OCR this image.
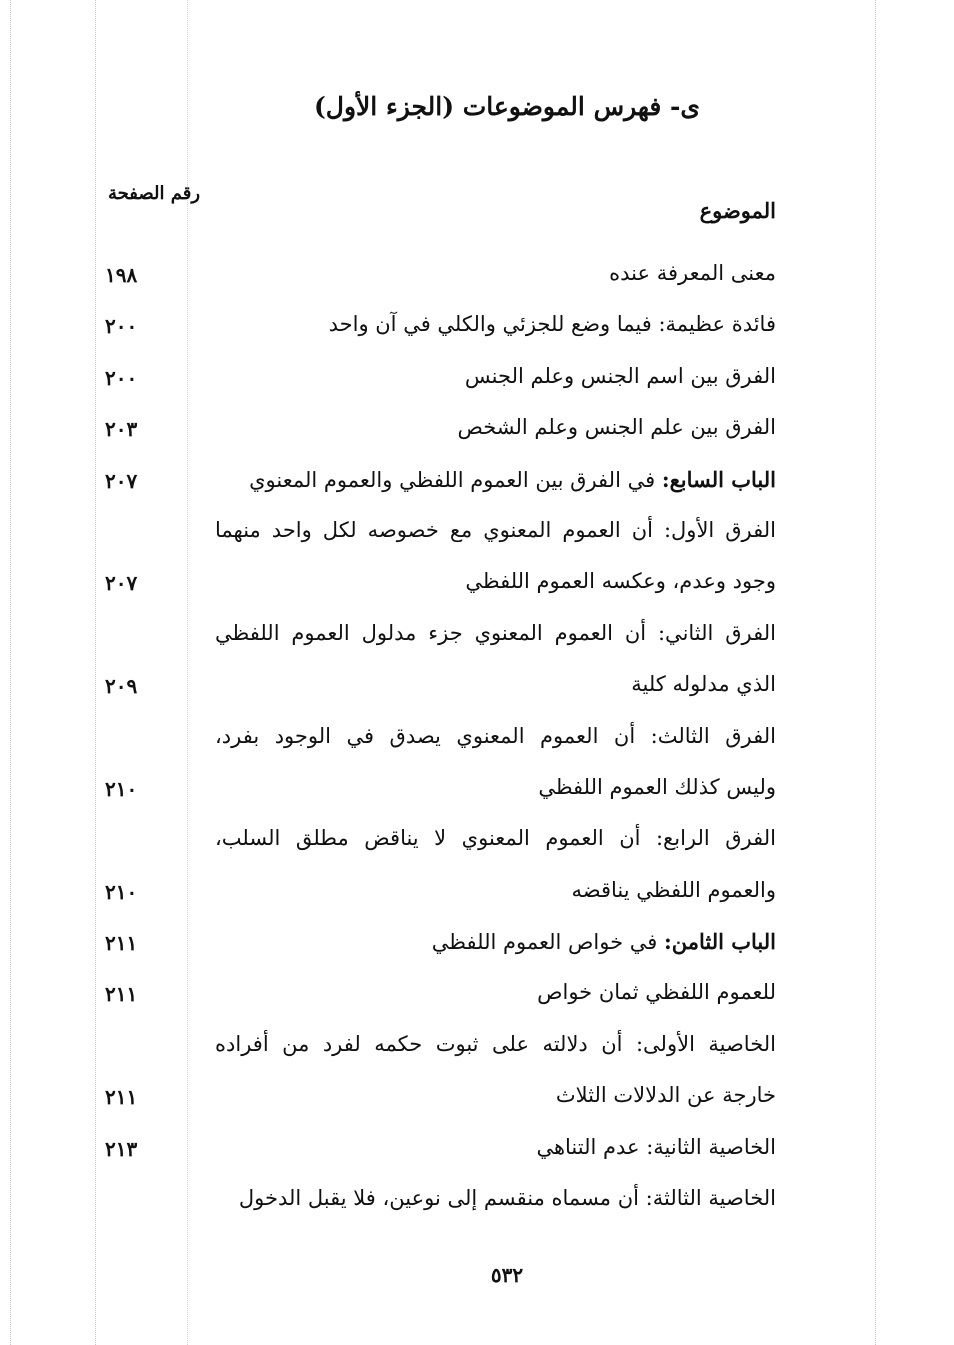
ى- فهرس الموضوعات (الجزء الأول)
الموضوع
رقم الصفحة
معنى المعرفة عنده
١٩٨
فائدة عظيمة: فيما وضع للجزئي والكلي في آن واحد
٢٠٠
الفرق بين اسم الجنس وعلم الجنس
٢٠٠
الفرق بين علم الجنس وعلم الشخص
٢٠٣
الباب السابع: في الفرق بين العموم اللفظي والعموم المعنوي
٢٠٧
الفرق الأول: أن العموم المعنوي مع خصوصه لكل واحد منهما
وجود وعدم، وعكسه العموم اللفظي
٢٠٧
الفرق الثاني: أن العموم المعنوي جزء مدلول العموم اللفظي
الذي مدلوله كلية
٢٠٩
الفرق الثالث: أن العموم المعنوي يصدق في الوجود بفرد،
وليس كذلك العموم اللفظي
٢١٠
الفرق الرابع: أن العموم المعنوي لا يناقض مطلق السلب،
والعموم اللفظي يناقضه
٢١٠
الباب الثامن: في خواص العموم اللفظي
٢١١
للعموم اللفظي ثمان خواص
٢١١
الخاصية الأولى: أن دلالته على ثبوت حكمه لفرد من أفراده
خارجة عن الدلالات الثلاث
٢١١
الخاصية الثانية: عدم التناهي
٢١٣
الخاصية الثالثة: أن مسماه منقسم إلى نوعين، فلا يقبل الدخول
٥٣٢
